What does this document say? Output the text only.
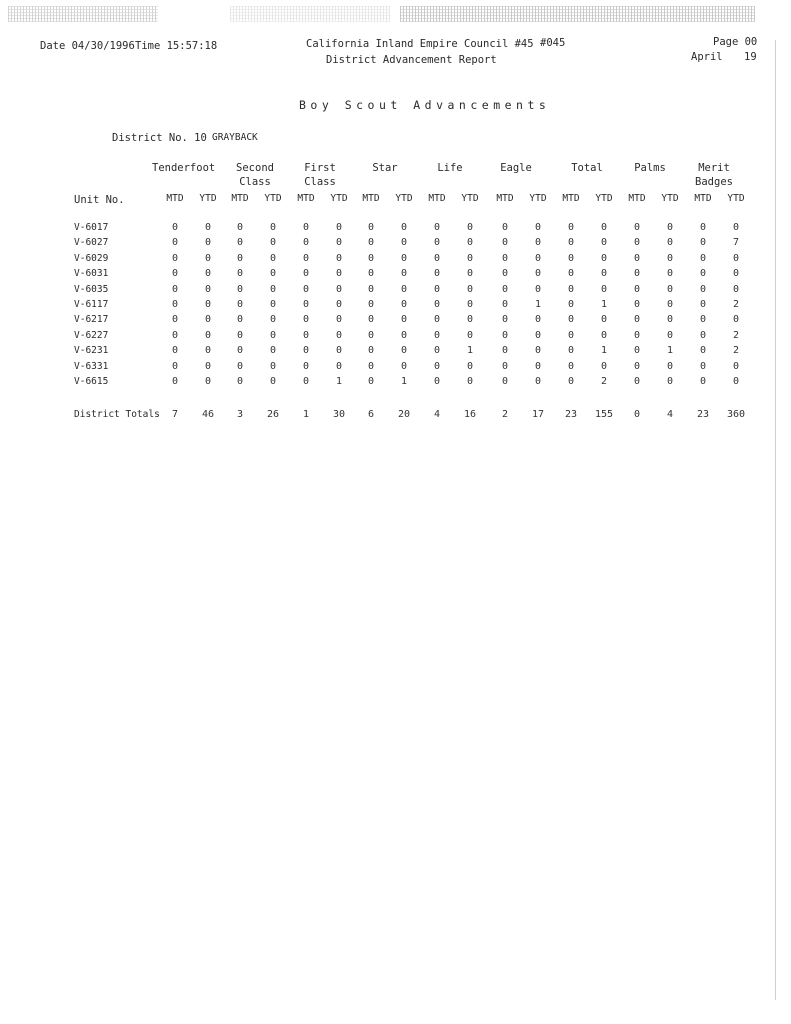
Date 04/30/1996 Time 15:57:18	California Inland Empire Council #45 #045	Page 00
District Advancement Report	April 19
Boy Scout Advancements
District No. 10 GRAYBACK
Unit No.
Tenderfoot	Second
Class
First
Class
Star	Life	Eagle	Total	Palms	Merit
Badges
MTD	YTD	MTD	YTD	MTD	YTD	MTD	YTD	MTD	YTD	MTD	YTD	MTD	YTD	MTD	YTD	MTD	YTD
V-6017	0	0	0	0	0	0	0	0	0	0	0	0	0	0	0	0	0	0
V-6027	0	0	0	0	0	0	0	0	0	0	0	0	0	0	0	0	0	7
V-6029	0	0	0	0	0	0	0	0	0	0	0	0	0	0	0	0	0	0
V-6031	0	0	0	0	0	0	0	0	0	0	0	0	0	0	0	0	0	0
V-6035	0	0	0	0	0	0	0	0	0	0	0	0	0	0	0	0	0	0
V-6117	0	0	0	0	0	0	0	0	0	0	0	1	0	1	0	0	0	2
V-6217	0	0	0	0	0	0	0	0	0	0	0	0	0	0	0	0	0	0
V-6227	0	0	0	0	0	0	0	0	0	0	0	0	0	0	0	0	0	2
V-6231	0	0	0	0	0	0	0	0	0	1	0	0	0	1	0	1	0	2
V-6331	0	0	0	0	0	0	0	0	0	0	0	0	0	0	0	0	0	0
V-6615	0	0	0	0	0	1	0	1	0	0	0	0	0	2	0	0	0	0
District Totals	7	46	3	26	1	30	6	20	4	16	2	17	23	155	0	4	23	360
